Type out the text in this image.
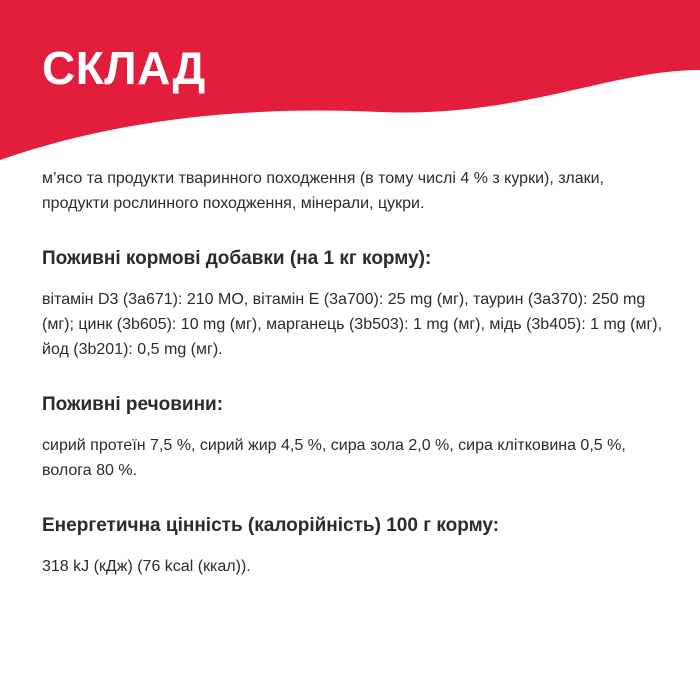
СКЛАД

м’ясо та продукти тваринного походження (в тому числі 4 % з курки), злаки, продукти рослинного походження, мінерали, цукри.

Поживні кормові добавки (на 1 кг корму):

вітамін D3 (3a671): 210 MO, вітамін E (3a700): 25 mg (мг), таурин (3a370): 250 mg (мг); цинк (3b605): 10 mg (мг), марганець (3b503): 1 mg (мг), мідь (3b405): 1 mg (мг), йод (3b201): 0,5 mg (мг).

Поживні речовини:

сирий протеїн 7,5 %, сирий жир 4,5 %, сира зола 2,0 %, сира клітковина 0,5 %, волога 80 %.

Енергетична цінність (калорійність) 100 г корму:

318 kJ (кДж) (76 kcal (ккал)).
